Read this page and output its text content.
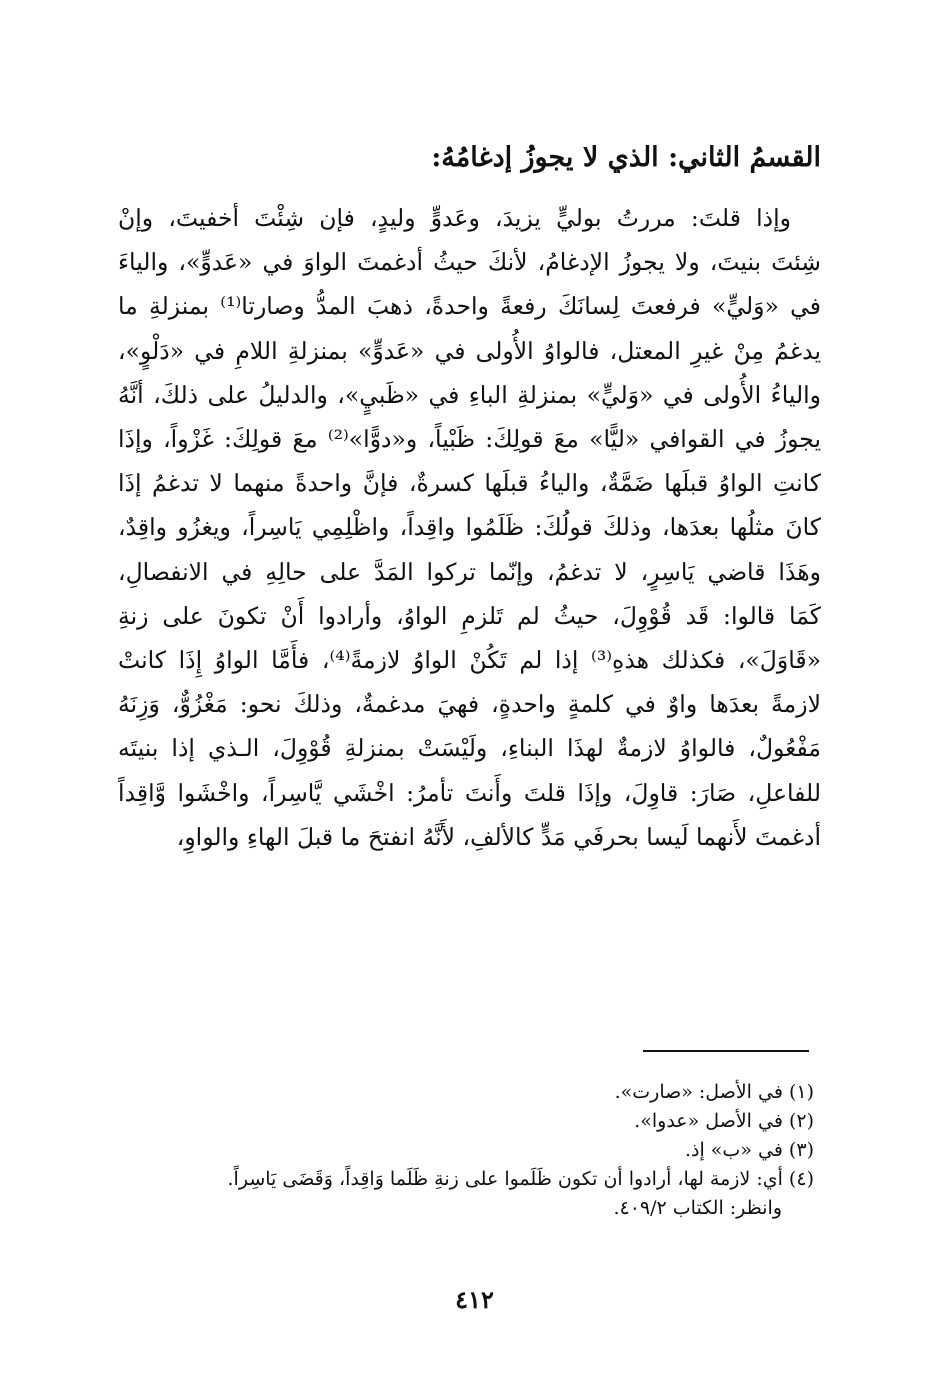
القسمُ الثاني: الذي لا يجوزُ إدغامُهُ:
وإذا قلتَ: مررتُ بوليٍّ يزيدَ، وعَدوٍّ وليدٍ، فإن شِئْتَ أخفيتَ، وإنْ
شِئتَ بنيتَ، ولا يجوزُ الإدغامُ، لأنكَ حيثُ أدغمتَ الواوَ في «عَدوٍّ»، والياءَ
في «وَليٍّ» فرفعتَ لِسانَكَ رفعةً واحدةً، ذهبَ المدُّ وصارتا⁽¹⁾ بمنزلةِ ما
يدغمُ مِنْ غيرِ المعتل، فالواوُ الأُولى في «عَدوٍّ» بمنزلةِ اللامِ في «دَلْوٍ»،
والياءُ الأُولى في «وَليٍّ» بمنزلةِ الباءِ في «ظَبيٍ»، والدليلُ على ذلكَ، أنَّهُ
يجوزُ في القوافي «ليًّا» معَ قولِكَ: ظَبْياً، و«دوًّا»⁽²⁾ معَ قولِكَ: غَزْواً، وإذَا
كانتِ الواوُ قبلَها ضَمَّةٌ، والياءُ قبلَها كسرةٌ، فإنَّ واحدةً منهما لا تدغمُ إذَا
كانَ مثلُها بعدَها، وذلكَ قولُكَ: ظَلَمُوا واقِداً، واظْلِمِي يَاسِراً، ويغزُو واقِدٌ،
وهَذَا قاضي يَاسِرٍ، لا تدغمُ، وإنّما تركوا المَدَّ على حالِهِ في الانفصالِ،
كَمَا قالوا: قَد قُوْوِلَ، حيثُ لم تَلزمِ الواوُ، وأرادوا أَنْ تكونَ على زنةِ
«قَاوَلَ»، فكذلك هذهِ⁽³⁾ إذا لم تَكُنْ الواوُ لازمةً⁽⁴⁾، فأَمَّا الواوُ إِذَا كانتْ
لازمةً بعدَها واوٌ في كلمةٍ واحدةٍ، فهيَ مدغمةٌ، وذلكَ نحو: مَغْزُوٌّ، وَزِنَهُ
مَفْعُولٌ، فالواوُ لازمةٌ لهذَا البناءِ، ولَيْسَتْ بمنزلةِ قُوْوِلَ، الـذي إذا بنيتَه
للفاعلِ، صَارَ: قاوِلَ، وإذَا قلتَ وأَنتَ تأمرُ: اخْشَي يَّاسِراً، واخْشَوا وَّاقِداً
أدغمتَ لأَنهما لَيسا بحرفَي مَدٍّ كالألفِ، لأَنَّهُ انفتحَ ما قبلَ الهاءِ والواوِ،
(١) في الأصل: «صارت».
(٢) في الأصل «عدوا».
(٣) في «ب» إذ.
(٤) أي: لازمة لها، أرادوا أن تكون ظَلَموا على زنةِ ظَلَما وَاقِداً، وَقَضَى يَاسِراً.
وانظر: الكتاب ٤٠٩/٢.
٤١٢
